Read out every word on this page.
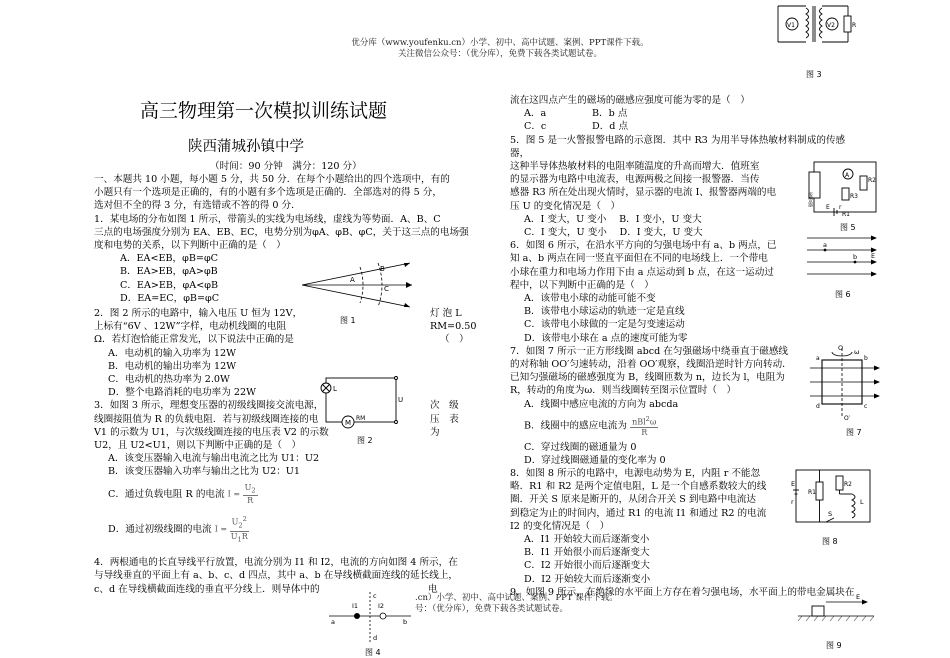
优分库（www.youfenku.cn）小学、初中、高中试题、案例、PPT课件下载。
关注微信公众号：（优分库），免费下载各类试题试卷。
高三物理第一次模拟训练试题
陕西蒲城孙镇中学
（时间：90 分钟　满分：120 分）

一、本题共 10 小题，每小题 5 分，共 50 分．在每个小题给出的四个选项中，有的

小题只有一个选项是正确的，有的小题有多个选项是正确的．全部选对的得 5 分，

选对但不全的得 3 分，有选错或不答的得 0 分．

1．某电场的分布如图 1 所示，带箭头的实线为电场线，虚线为等势面．A、B、C

三点的电场强度分别为 EA、EB、EC，电势分别为φA、φB、φC，关于这三点的电场强

度和电势的关系，以下判断中正确的是（　）

A．EA<EB，φB=φC

B．EA>EB，φA>φB

C．EA>EB，φA<φB

D．EA=EC，φB=φC

2．图 2 所示的电路中，输入电压 U 恒为 12V，	灯 泡 L

上标有“6V 、12W”字样，电动机线圈的电阻	RM=0.50

Ω．若灯泡恰能正常发光，以下说法中正确的是	（　）

A．电动机的输入功率为 12W

B．电动机的输出功率为 12W

C．电动机的热功率为 2.0W

D．整个电路消耗的电功率为 22W

3．如图 3 所示，理想变压器的初级线圈接交流电源，	次　级

线圈接阻值为 R 的负载电阻．若与初级线圈连接的电	压　表

V1 的示数为 U1，与次级线圈连接的电压表 V2 的示数	为

U2，且 U2<U1，则以下判断中正确的是（　）

A．该变压器输入电流与输出电流之比为 U1：U2

B．该变压器输入功率与输出之比为 U2：U1

C．通过负载电阻 R 的电流 $I = \frac{U_2}{R}$

D．通过初级线圈的电流 $I = \frac{U_2^2}{U_1R}$

4．两根通电的长直导线平行放置，电流分别为 I1 和 I2，电流的方向如图 4 所示，在

与导线垂直的平面上有 a、b、c、d 四点，其中 a、b 在导线横截面连线的延长线上，

c、d 在导线横截面连线的垂直平分线上．则导体中的	电

流在这四点产生的磁场的磁感应强度可能为零的是（　）

A．a	B．b 点

C．c	D．d 点

5．图 5 是一火警报警电路的示意图．其中 R3 为用半导体热敏材料制成的传感器，

这种半导体热敏材料的电阻率随温度的升高而增大．值班室

的显示器为电路中电流表，电源两极之间接一报警器．当传

感器 R3 所在处出现火情时，显示器的电流 I、报警器两端的电

压 U 的变化情况是（　）

A．I 变大，U 变小　 B．I 变小，U 变大

C．I 变大，U 变小　 D．I 变大，U 变大

6．如图 6 所示，在沿水平方向的匀强电场中有 a、b 两点，已

知 a、b 两点在同一竖直平面但在不同的电场线上．一个带电

小球在重力和电场力作用下由 a 点运动到 b 点，在这一运动过

程中，以下判断中正确的是（　）

A．该带电小球的动能可能不变

B．该带电小球运动的轨迹一定是直线

C．该带电小球做的一定是匀变速运动

D．该带电小球在 a 点的速度可能为零

7．如图 7 所示一正方形线圈 abcd 在匀强磁场中绕垂直于磁感线

的对称轴 OO′匀速转动，沿着 OO′观察，线圈沿逆时针方向转动．

已知匀强磁场的磁感强度为 B，线圈匝数为 n，边长为 l，电阻为

R，转动的角度为ω．则当线圈转至图示位置时（　）

A．线圈中感应电流的方向为 abcda

B．线圈中的感应电流为 nBl$^2$ω
R

C．穿过线圈的磁通量为 0

D．穿过线圈磁通量的变化率为 0

8．如图 8 所示的电路中，电源电动势为 E，内阻 r 不能忽

略．R1 和 R2 是两个定值电阻，L 是一个自感系数较大的线

圈．开关 S 原来是断开的，从闭合开关 S 到电路中电流达

到稳定为止的时间内，通过 R1 的电流 I1 和通过 R2 的电流

I2 的变化情况是（　）

A．I1 开始较大而后逐渐变小

B．I1 开始很小而后逐渐变大

C．I2 开始很小而后逐渐变大

D．I2 开始较大而后逐渐变小

9．如图 9 所示，在绝缘的水平面上方存在着匀强电场，水平面上的带电金属块在

.cn）小学、初中、高中试题、案例、PPT 课件下载。
号：（优分库），免费下载各类试题试卷。
A
B
C
图 1
L
U
M
RM
图 2
V1	V2	R
图 3
I1	I2
a	b
c
d
图 4
报警器
A
R1
R2
R3
E r
图 5
a
b E
图 6
O ω
a	b
c
d
O′
图 7
E
r
R1
R2
L
S
图 8
E
图 9
